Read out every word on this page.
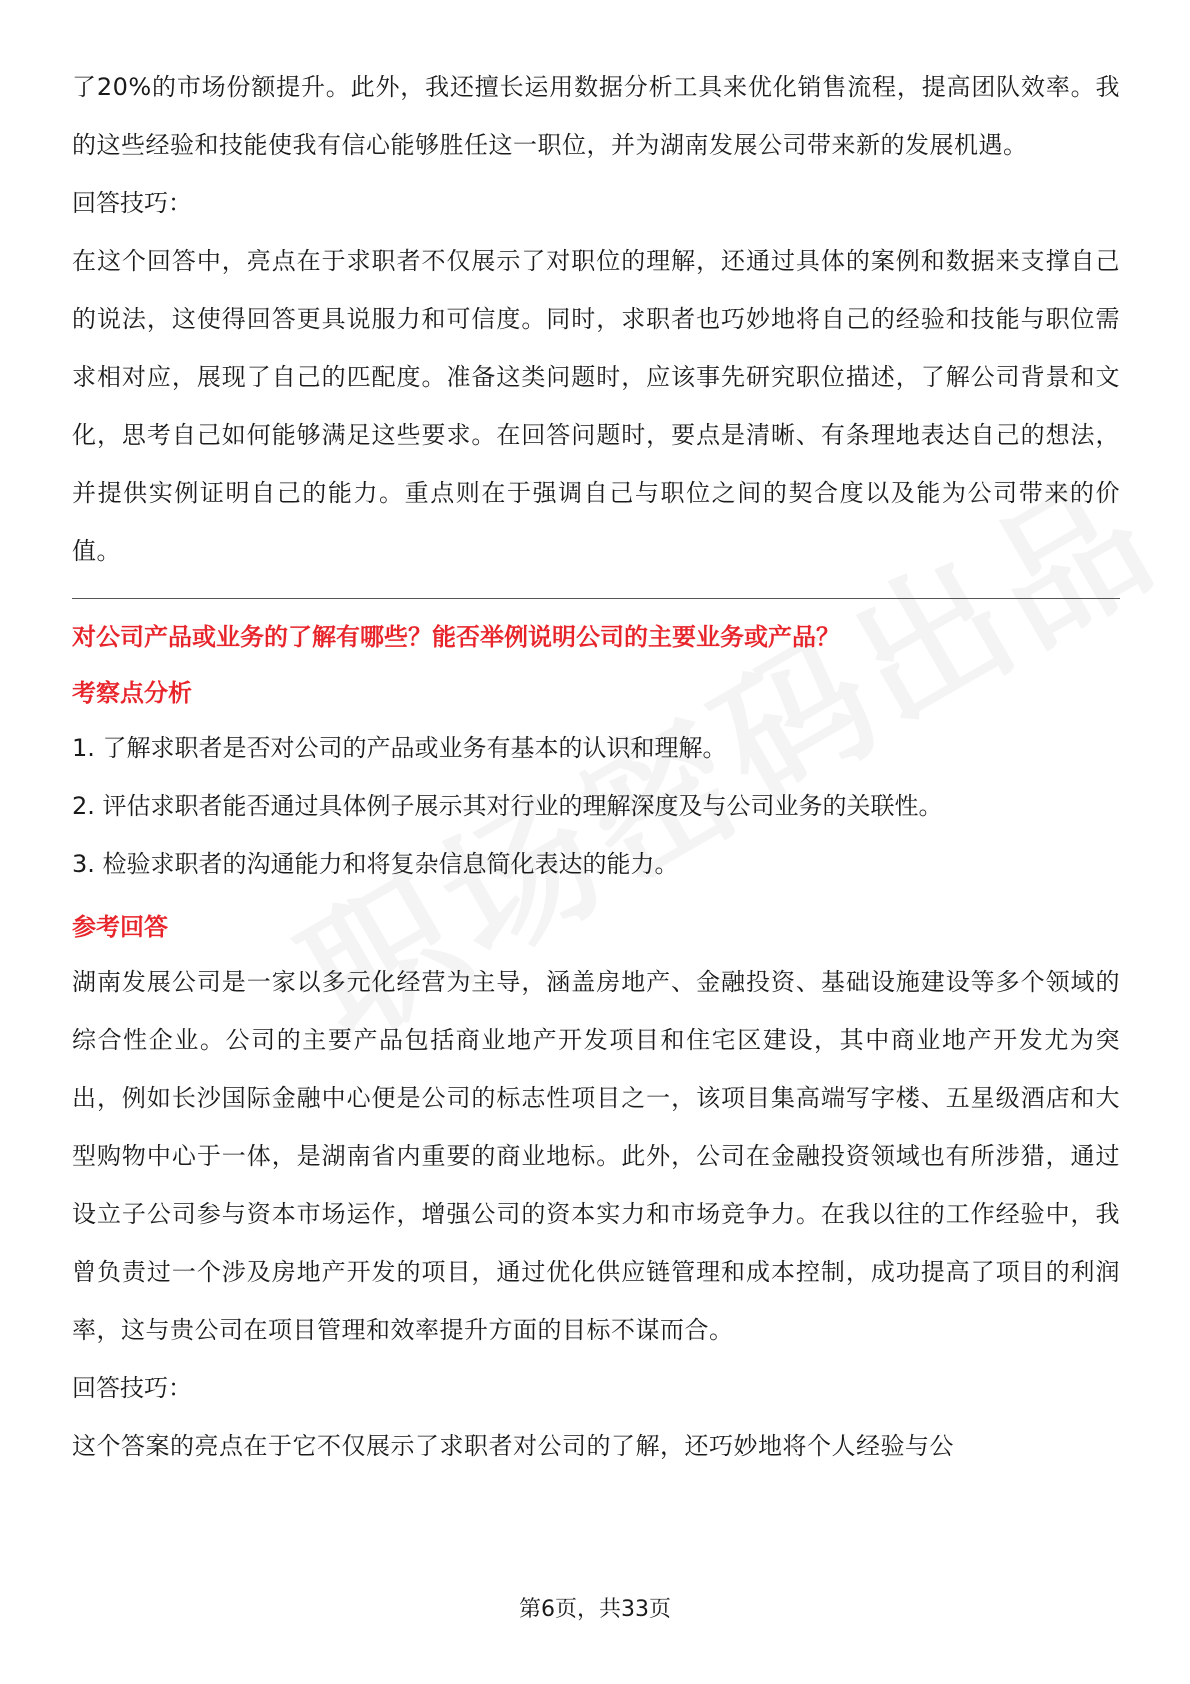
了20%的市场份额提升。此外，我还擅长运用数据分析工具来优化销售流程，提高团队效率。我的这些经验和技能使我有信心能够胜任这一职位，并为湖南发展公司带来新的发展机遇。

回答技巧：

在这个回答中，亮点在于求职者不仅展示了对职位的理解，还通过具体的案例和数据来支撑自己的说法，这使得回答更具说服力和可信度。同时，求职者也巧妙地将自己的经验和技能与职位需求相对应，展现了自己的匹配度。准备这类问题时，应该事先研究职位描述，了解公司背景和文化，思考自己如何能够满足这些要求。在回答问题时，要点是清晰、有条理地表达自己的想法，并提供实例证明自己的能力。重点则在于强调自己与职位之间的契合度以及能为公司带来的价值。

对公司产品或业务的了解有哪些？能否举例说明公司的主要业务或产品？

考察点分析

1. 了解求职者是否对公司的产品或业务有基本的认识和理解。

2. 评估求职者能否通过具体例子展示其对行业的理解深度及与公司业务的关联性。

3. 检验求职者的沟通能力和将复杂信息简化表达的能力。

参考回答

湖南发展公司是一家以多元化经营为主导，涵盖房地产、金融投资、基础设施建设等多个领域的综合性企业。公司的主要产品包括商业地产开发项目和住宅区建设，其中商业地产开发尤为突出，例如长沙国际金融中心便是公司的标志性项目之一，该项目集高端写字楼、五星级酒店和大型购物中心于一体，是湖南省内重要的商业地标。此外，公司在金融投资领域也有所涉猎，通过设立子公司参与资本市场运作，增强公司的资本实力和市场竞争力。在我以往的工作经验中，我曾负责过一个涉及房地产开发的项目，通过优化供应链管理和成本控制，成功提高了项目的利润率，这与贵公司在项目管理和效率提升方面的目标不谋而合。

回答技巧：

这个答案的亮点在于它不仅展示了求职者对公司的了解，还巧妙地将个人经验与公

第6页，共33页
